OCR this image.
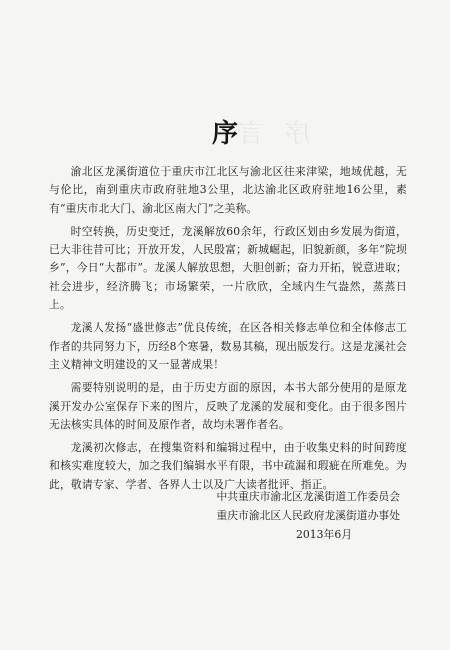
序 言
序

渝北区龙溪街道位于重庆市江北区与渝北区往来津梁，地域优越，无与伦比，南到重庆市政府驻地3公里，北达渝北区政府驻地16公里，素有“重庆市北大门、渝北区南大门”之美称。

时空转换，历史变迁，龙溪解放60余年，行政区划由乡发展为街道，已大非往昔可比；开放开发，人民殷富；新城崛起，旧貌新颜，多年“院坝乡”，今日“大都市”。龙溪人解放思想，大胆创新；奋力开拓，锐意进取；社会进步，经济腾飞；市场繁荣，一片欣欣，全域内生气盎然，蒸蒸日上。

龙溪人发扬“盛世修志”优良传统，在区各相关修志单位和全体修志工作者的共同努力下，历经8个寒暑，数易其稿，现出版发行。这是龙溪社会主义精神文明建设的又一显著成果！

需要特别说明的是，由于历史方面的原因，本书大部分使用的是原龙溪开发办公室保存下来的图片，反映了龙溪的发展和变化。由于很多图片无法核实具体的时间及原作者，故均未署作者名。

龙溪初次修志，在搜集资料和编辑过程中，由于收集史料的时间跨度和核实难度较大，加之我们编辑水平有限，书中疏漏和瑕疵在所难免。为此，敬请专家、学者、各界人士以及广大读者批评、指正。

中共重庆市渝北区龙溪街道工作委员会
重庆市渝北区人民政府龙溪街道办事处
2013年6月
